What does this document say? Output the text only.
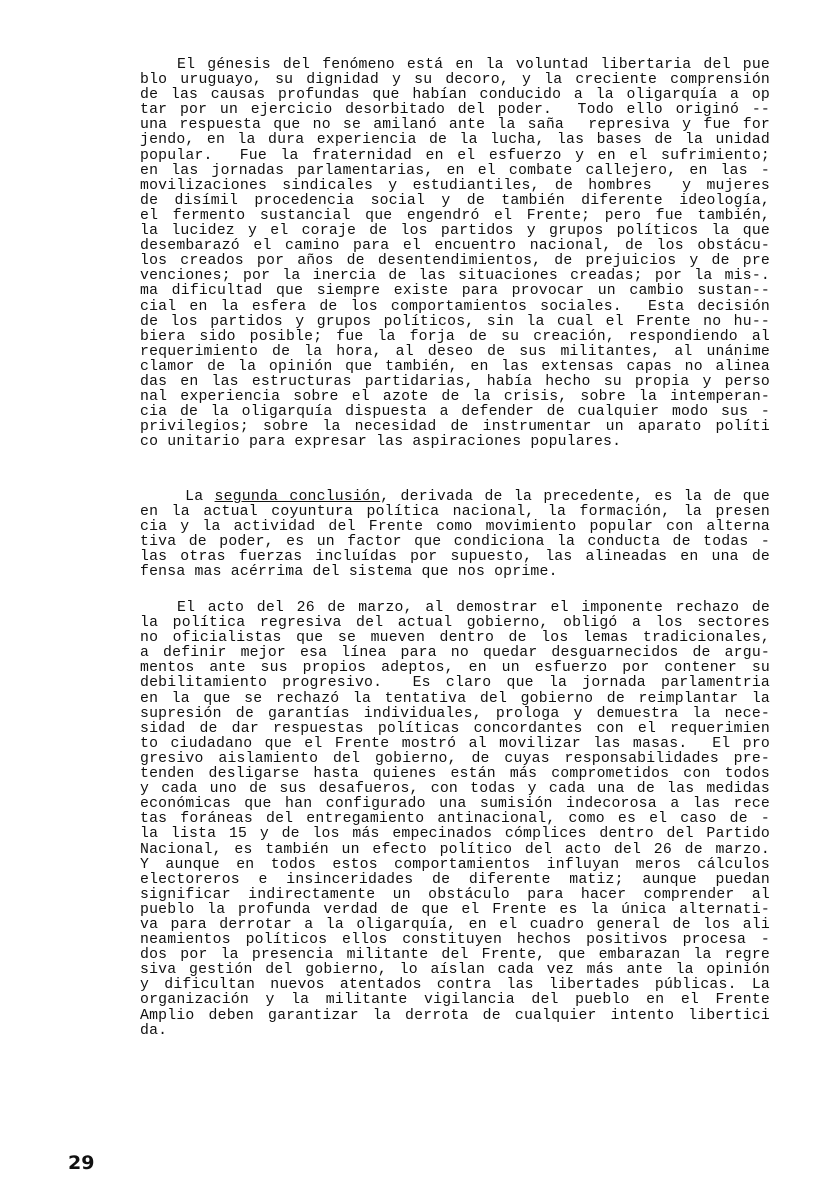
El génesis del fenómeno está en la voluntad libertaria del pue
blo uruguayo, su dignidad y su decoro, y la creciente comprensión
de las causas profundas que habían conducido a la oligarquía a op
tar por un ejercicio desorbitado del poder.  Todo ello originó --
una respuesta que no se amilanó ante la saña  represiva y fue for
jendo, en la dura experiencia de la lucha, las bases de la unidad
popular.  Fue la fraternidad en el esfuerzo y en el sufrimiento;
en las jornadas parlamentarias, en el combate callejero, en las -
movilizaciones sindicales y estudiantiles, de hombres  y mujeres
de disímil procedencia social y de también diferente ideología,
el fermento sustancial que engendró el Frente; pero fue también,
la lucidez y el coraje de los partidos y grupos políticos la que
desembarazó el camino para el encuentro nacional, de los obstácu-
los creados por años de desentendimientos, de prejuicios y de pre
venciones; por la inercia de las situaciones creadas; por la mis-.
ma dificultad que siempre existe para provocar un cambio sustan--
cial en la esfera de los comportamientos sociales.  Esta decisión
de los partidos y grupos políticos, sin la cual el Frente no hu--
biera sido posible; fue la forja de su creación, respondiendo al
requerimiento de la hora, al deseo de sus militantes, al unánime
clamor de la opinión que también, en las extensas capas no alinea
das en las estructuras partidarias, había hecho su propia y perso
nal experiencia sobre el azote de la crisis, sobre la intemperan-
cia de la oligarquía dispuesta a defender de cualquier modo sus -
privilegios; sobre la necesidad de instrumentar un aparato políti
co unitario para expresar las aspiraciones populares.
La segunda conclusión, derivada de la precedente, es la de que
en la actual coyuntura política nacional, la formación, la presen
cia y la actividad del Frente como movimiento popular con alterna
tiva de poder, es un factor que condiciona la conducta de todas -
las otras fuerzas incluídas por supuesto, las alineadas en una de
fensa mas acérrima del sistema que nos oprime.
El acto del 26 de marzo, al demostrar el imponente rechazo de
la política regresiva del actual gobierno, obligó a los sectores
no oficialistas que se mueven dentro de los lemas tradicionales,
a definir mejor esa línea para no quedar desguarnecidos de argu-
mentos ante sus propios adeptos, en un esfuerzo por contener su
debilitamiento progresivo.  Es claro que la jornada parlamentria
en la que se rechazó la tentativa del gobierno de reimplantar la
supresión de garantías individuales, prologa y demuestra la nece-
sidad de dar respuestas políticas concordantes con el requerimien
to ciudadano que el Frente mostró al movilizar las masas.  El pro
gresivo aislamiento del gobierno, de cuyas responsabilidades pre-
tenden desligarse hasta quienes están más comprometidos con todos
y cada uno de sus desafueros, con todas y cada una de las medidas
económicas que han configurado una sumisión indecorosa a las rece
tas foráneas del entregamiento antinacional, como es el caso de -
la lista 15 y de los más empecinados cómplices dentro del Partido
Nacional, es también un efecto político del acto del 26 de marzo.
Y aunque en todos estos comportamientos influyan meros cálculos
electoreros e insinceridades de diferente matiz; aunque puedan
significar indirectamente un obstáculo para hacer comprender al
pueblo la profunda verdad de que el Frente es la única alternati-
va para derrotar a la oligarquía, en el cuadro general de los ali
neamientos políticos ellos constituyen hechos positivos procesa -
dos por la presencia militante del Frente, que embarazan la regre
siva gestión del gobierno, lo aíslan cada vez más ante la opinión
y dificultan nuevos atentados contra las libertades públicas. La
organización y la militante vigilancia del pueblo en el Frente
Amplio deben garantizar la derrota de cualquier intento libertici
da.
29
